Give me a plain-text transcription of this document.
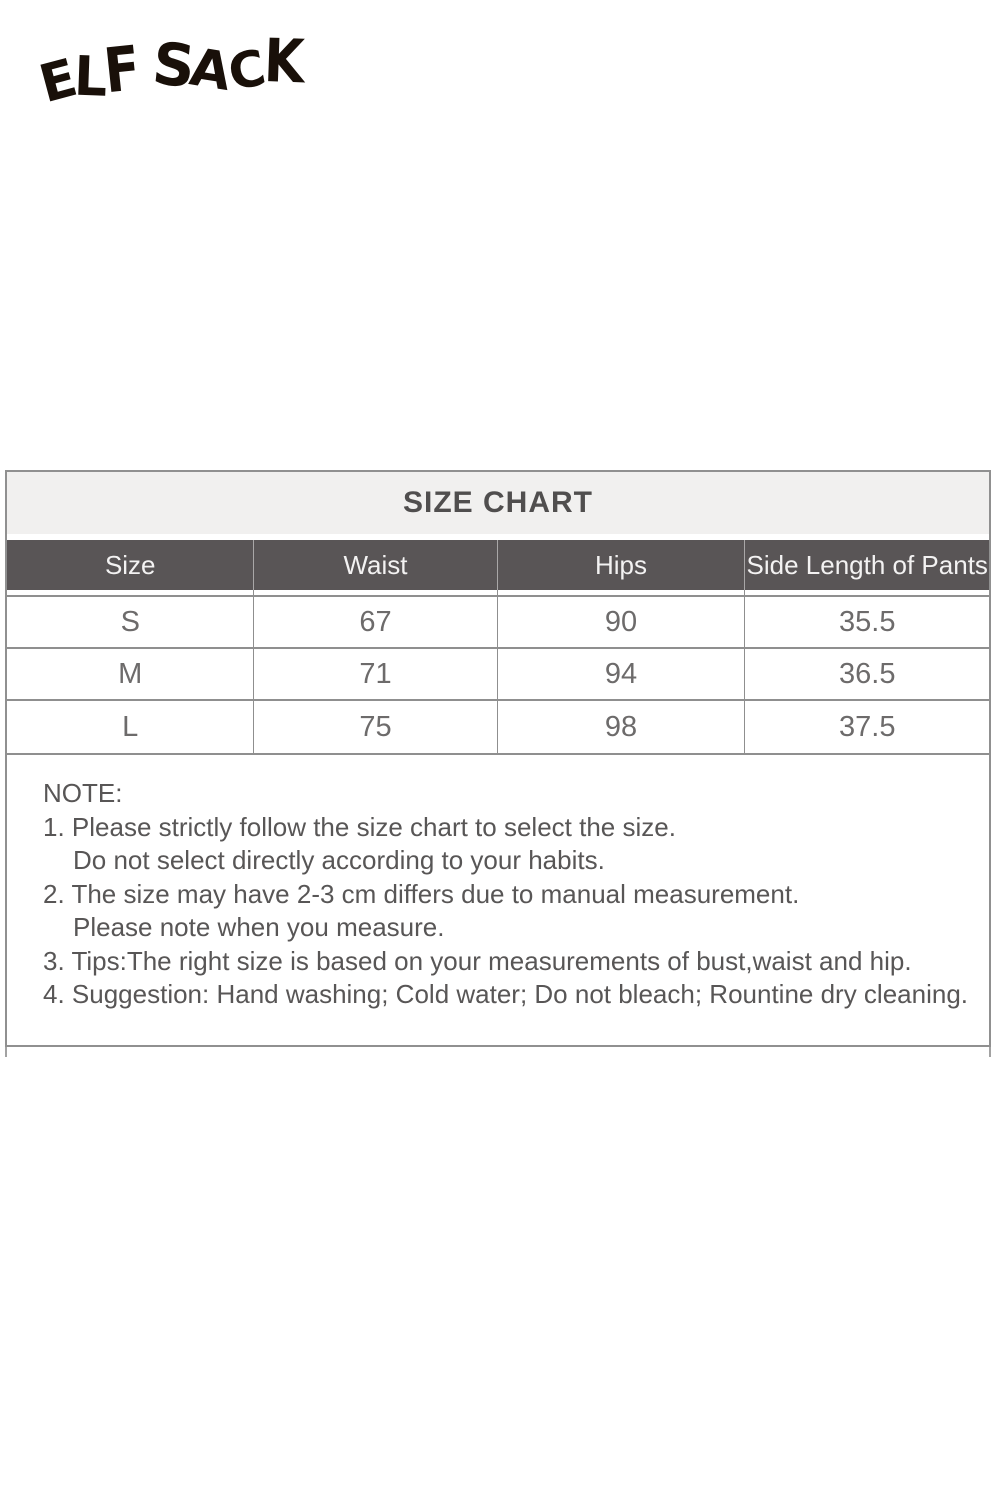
ELF SACK
SIZE CHART
Size	Waist	Hips	Side Length of Pants

S	67	90	35.5
M	71	94	36.5
L	75	98	37.5
NOTE:
1. Please strictly follow the size chart to select the size.
Do not select directly according to your habits.
2. The size may have 2-3 cm differs due to manual measurement.
Please note when you measure.
3. Tips:The right size is based on your measurements of bust,waist and hip.
4. Suggestion: Hand washing; Cold water; Do not bleach; Rountine dry cleaning.
